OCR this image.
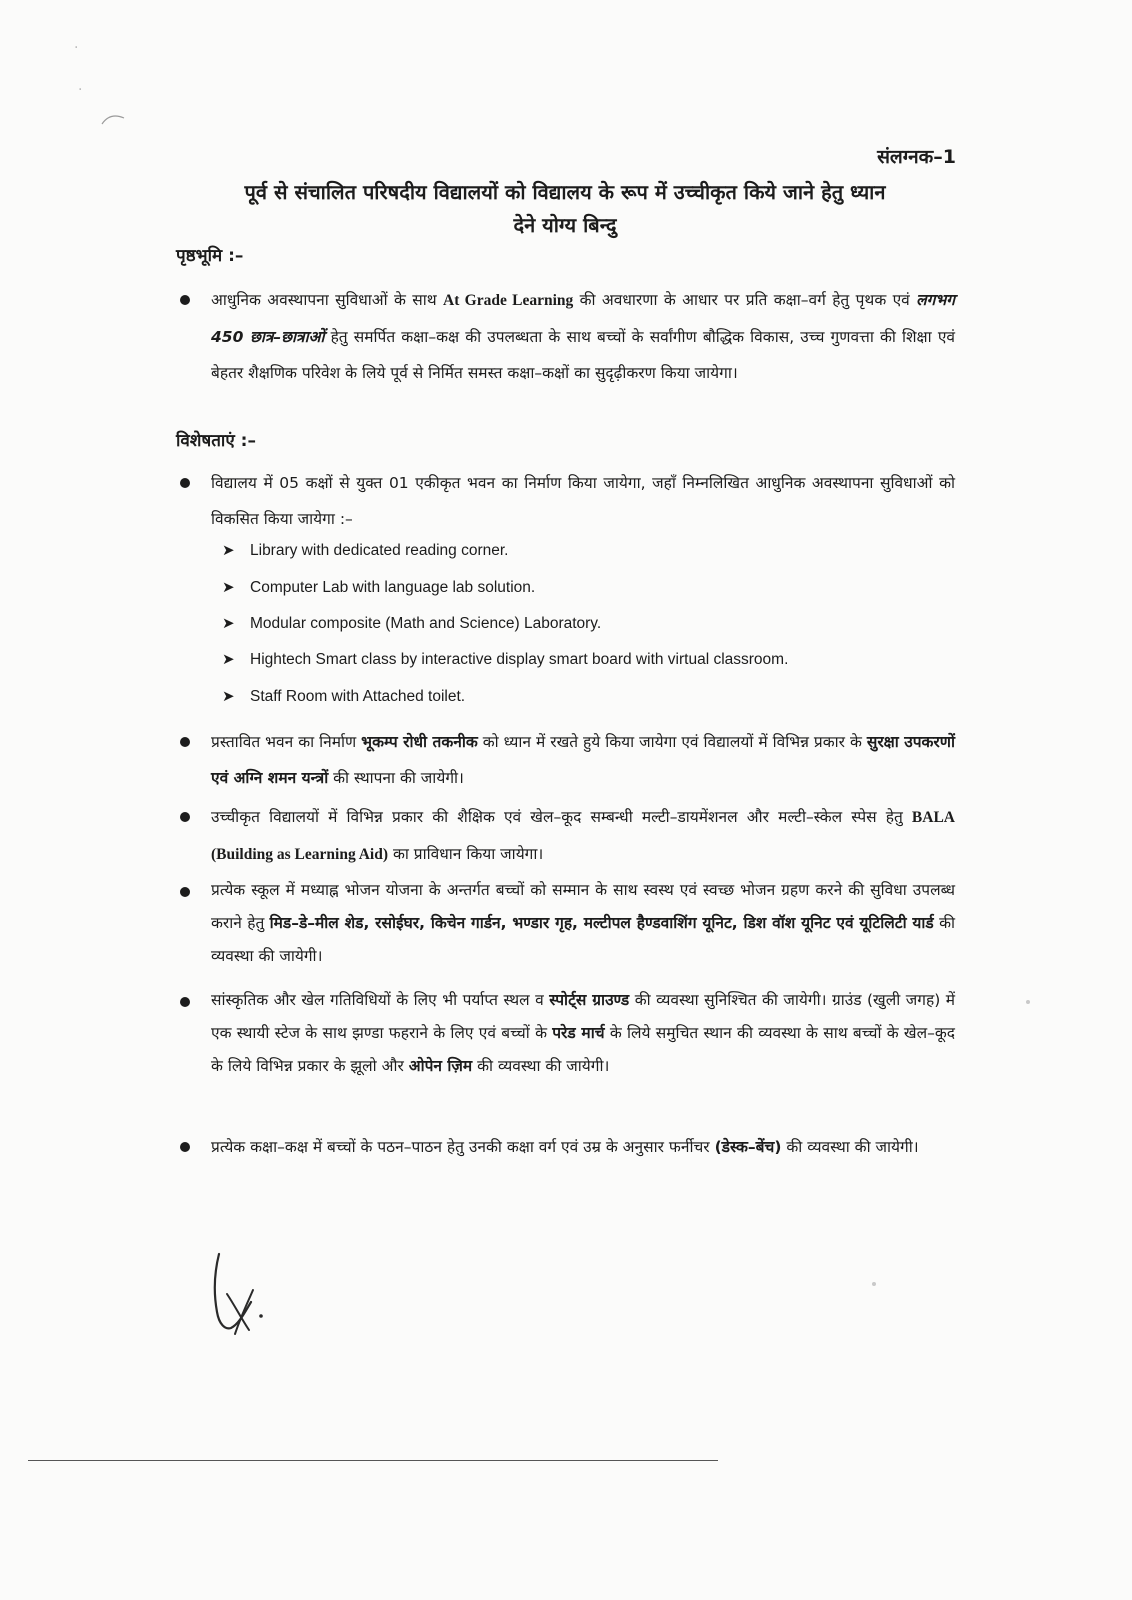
·
·
संलग्नक–1
पूर्व से संचालित परिषदीय विद्यालयों को विद्यालय के रूप में उच्चीकृत किये जाने हेतु ध्यान
देने योग्य बिन्दु
पृष्ठभूमि :–
आधुनिक अवस्थापना सुविधाओं के साथ At Grade Learning की अवधारणा के आधार पर प्रति कक्षा–वर्ग हेतु पृथक एवं लगभग 450 छात्र–छात्राओं हेतु समर्पित कक्षा–कक्ष की उपलब्धता के साथ बच्चों के सर्वांगीण बौद्धिक विकास, उच्च गुणवत्ता की शिक्षा एवं बेहतर शैक्षणिक परिवेश के लिये पूर्व से निर्मित समस्त कक्षा–कक्षों का सुदृढ़ीकरण किया जायेगा।
विशेषताएं :–
विद्यालय में 05 कक्षों से युक्त 01 एकीकृत भवन का निर्माण किया जायेगा, जहाँ निम्नलिखित आधुनिक अवस्थापना सुविधाओं को विकसित किया जायेगा :–
➤ Library with dedicated reading corner.
➤ Computer Lab with language lab solution.
➤ Modular composite (Math and Science) Laboratory.
➤ Hightech Smart class by interactive display smart board with virtual classroom.
➤ Staff Room with Attached toilet.
प्रस्तावित भवन का निर्माण भूकम्प रोधी तकनीक को ध्यान में रखते हुये किया जायेगा एवं विद्यालयों में विभिन्न प्रकार के सुरक्षा उपकरणों एवं अग्नि शमन यन्त्रों की स्थापना की जायेगी।
उच्चीकृत विद्यालयों में विभिन्न प्रकार की शैक्षिक एवं खेल–कूद सम्बन्धी मल्टी–डायमेंशनल और मल्टी–स्केल स्पेस हेतु BALA (Building as Learning Aid) का प्राविधान किया जायेगा।
प्रत्येक स्कूल में मध्याह्न भोजन योजना के अन्तर्गत बच्चों को सम्मान के साथ स्वस्थ एवं स्वच्छ भोजन ग्रहण करने की सुविधा उपलब्ध कराने हेतु मिड–डे–मील शेड, रसोईघर, किचेन गार्डन, भण्डार गृह, मल्टीपल हैण्डवाशिंग यूनिट, डिश वॉश यूनिट एवं यूटिलिटी यार्ड की व्यवस्था की जायेगी।
सांस्कृतिक और खेल गतिविधियों के लिए भी पर्याप्त स्थल व स्पोर्ट्स ग्राउण्ड की व्यवस्था सुनिश्चित की जायेगी। ग्राउंड (खुली जगह) में एक स्थायी स्टेज के साथ झण्डा फहराने के लिए एवं बच्चों के परेड मार्च के लिये समुचित स्थान की व्यवस्था के साथ बच्चों के खेल–कूद के लिये विभिन्न प्रकार के झूलो और ओपेन ज़िम की व्यवस्था की जायेगी।
प्रत्येक कक्षा–कक्ष में बच्चों के पठन–पाठन हेतु उनकी कक्षा वर्ग एवं उम्र के अनुसार फर्नीचर (डेस्क–बेंच) की व्यवस्था की जायेगी।
